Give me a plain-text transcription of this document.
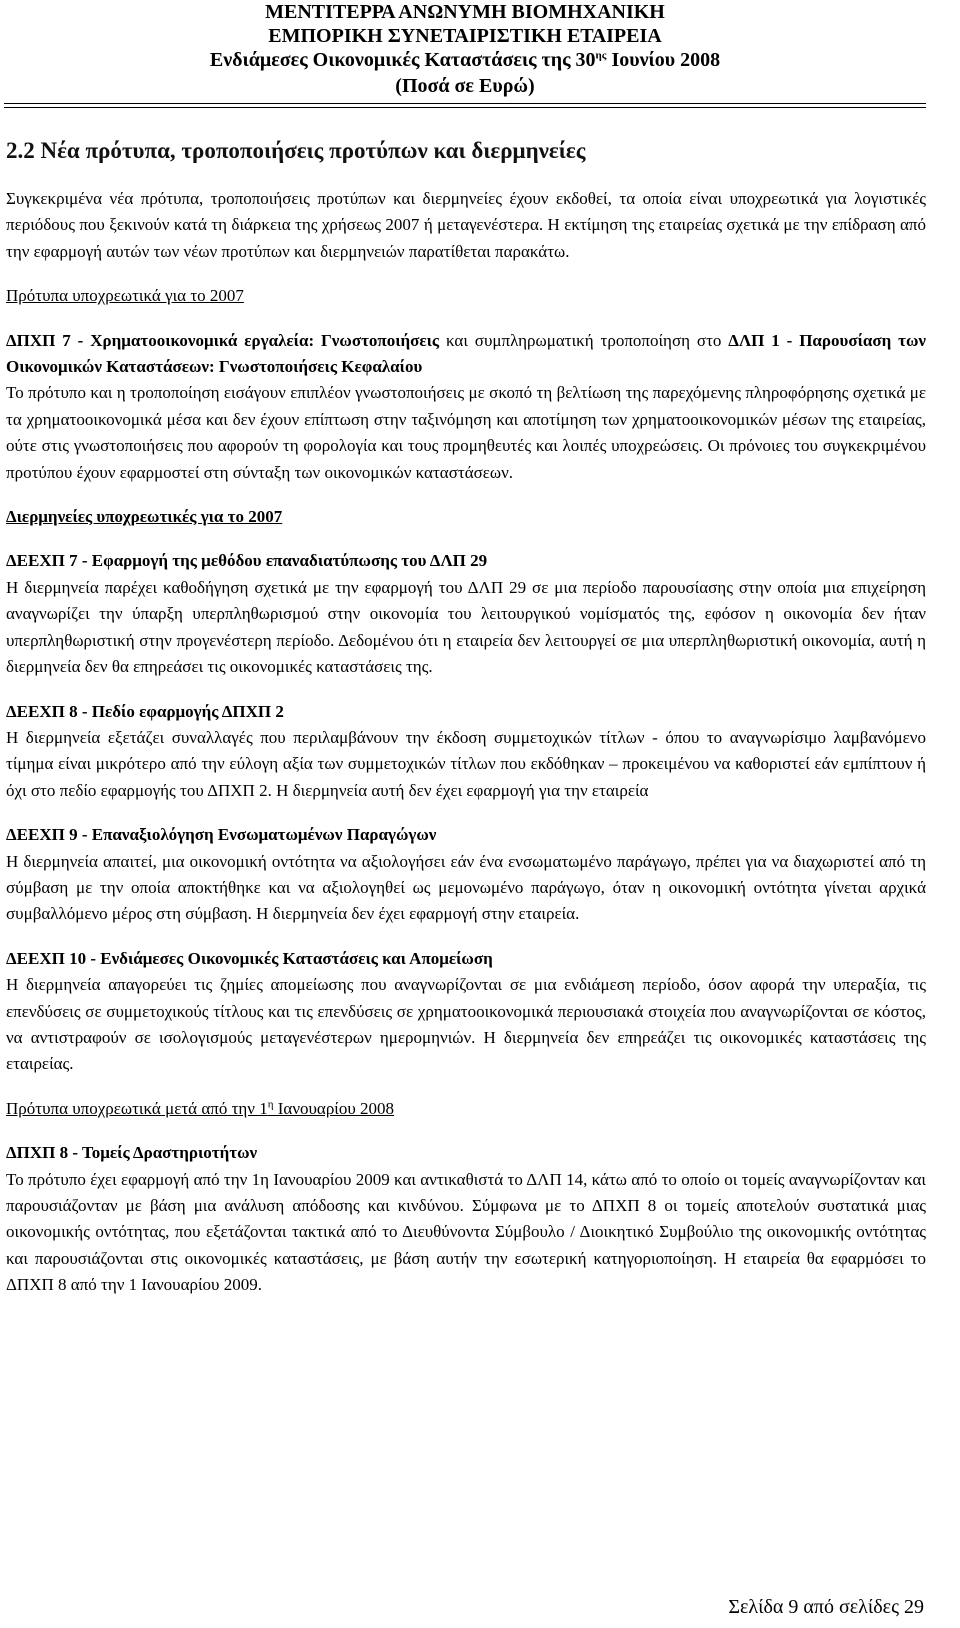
ΜΕΝΤΙΤΕΡΡΑ ΑΝΩΝΥΜΗ ΒΙΟΜΗΧΑΝΙΚΗ
ΕΜΠΟΡΙΚΗ ΣΥΝΕΤΑΙΡΙΣΤΙΚΗ ΕΤΑΙΡΕΙΑ
Ενδιάμεσες Οικονομικές Καταστάσεις της $30^{\eta\varsigma}$ Ιουνίου 2008
(Ποσά σε Ευρώ)
2.2 Νέα πρότυπα, τροποποιήσεις προτύπων και διερμηνείες

Συγκεκριμένα νέα πρότυπα, τροποποιήσεις προτύπων και διερμηνείες έχουν εκδοθεί, τα οποία είναι υποχρεωτικά για λογιστικές περιόδους που ξεκινούν κατά τη διάρκεια της χρήσεως 2007 ή μεταγενέστερα. Η εκτίμηση της εταιρείας σχετικά με την επίδραση από την εφαρμογή αυτών των νέων προτύπων και διερμηνειών παρατίθεται παρακάτω.

Πρότυπα υποχρεωτικά για το 2007

ΔΠΧΠ 7 - Χρηματοοικονομικά εργαλεία: Γνωστοποιήσεις και συμπληρωματική τροποποίηση στο ΔΛΠ 1 - Παρουσίαση των Οικονομικών Καταστάσεων: Γνωστοποιήσεις Κεφαλαίου

Το πρότυπο και η τροποποίηση εισάγουν επιπλέον γνωστοποιήσεις με σκοπό τη βελτίωση της παρεχόμενης πληροφόρησης σχετικά με τα χρηματοοικονομικά μέσα και δεν έχουν επίπτωση στην ταξινόμηση και αποτίμηση των χρηματοοικονομικών μέσων της εταιρείας, ούτε στις γνωστοποιήσεις που αφορούν τη φορολογία και τους προμηθευτές και λοιπές υποχρεώσεις. Οι πρόνοιες του συγκεκριμένου προτύπου έχουν εφαρμοστεί στη σύνταξη των οικονομικών καταστάσεων.

Διερμηνείες υποχρεωτικές για το 2007

ΔΕΕΧΠ 7 - Εφαρμογή της μεθόδου επαναδιατύπωσης του ΔΛΠ 29

Η διερμηνεία παρέχει καθοδήγηση σχετικά με την εφαρμογή του ΔΛΠ 29 σε μια περίοδο παρουσίασης στην οποία μια επιχείρηση αναγνωρίζει την ύπαρξη υπερπληθωρισμού στην οικονομία του λειτουργικού νομίσματός της, εφόσον η οικονομία δεν ήταν υπερπληθωριστική στην προγενέστερη περίοδο. Δεδομένου ότι η εταιρεία δεν λειτουργεί σε μια υπερπληθωριστική οικονομία, αυτή η διερμηνεία δεν θα επηρεάσει τις οικονομικές καταστάσεις της.

ΔΕΕΧΠ 8 - Πεδίο εφαρμογής ΔΠΧΠ 2

Η διερμηνεία εξετάζει συναλλαγές που περιλαμβάνουν την έκδοση συμμετοχικών τίτλων - όπου το αναγνωρίσιμο λαμβανόμενο τίμημα είναι μικρότερο από την εύλογη αξία των συμμετοχικών τίτλων που εκδόθηκαν – προκειμένου να καθοριστεί εάν εμπίπτουν ή όχι στο πεδίο εφαρμογής του ΔΠΧΠ 2. Η διερμηνεία αυτή δεν έχει εφαρμογή για την εταιρεία

ΔΕΕΧΠ 9 - Επαναξιολόγηση Ενσωματωμένων Παραγώγων

Η διερμηνεία απαιτεί, μια οικονομική οντότητα να αξιολογήσει εάν ένα ενσωματωμένο παράγωγο, πρέπει για να διαχωριστεί από τη σύμβαση με την οποία αποκτήθηκε και να αξιολογηθεί ως μεμονωμένο παράγωγο, όταν η οικονομική οντότητα γίνεται αρχικά συμβαλλόμενο μέρος στη σύμβαση. Η διερμηνεία δεν έχει εφαρμογή στην εταιρεία.

ΔΕΕΧΠ 10 - Ενδιάμεσες Οικονομικές Καταστάσεις και Απομείωση

Η διερμηνεία απαγορεύει τις ζημίες απομείωσης που αναγνωρίζονται σε μια ενδιάμεση περίοδο, όσον αφορά την υπεραξία, τις επενδύσεις σε συμμετοχικούς τίτλους και τις επενδύσεις σε χρηματοοικονομικά περιουσιακά στοιχεία που αναγνωρίζονται σε κόστος, να αντιστραφούν σε ισολογισμούς μεταγενέστερων ημερομηνιών. Η διερμηνεία δεν επηρεάζει τις οικονομικές καταστάσεις της εταιρείας.

Πρότυπα υποχρεωτικά μετά από την $1^\eta$ Ιανουαρίου 2008

ΔΠΧΠ 8 - Τομείς Δραστηριοτήτων

Το πρότυπο έχει εφαρμογή από την 1η Ιανουαρίου 2009 και αντικαθιστά το ΔΛΠ 14, κάτω από το οποίο οι τομείς αναγνωρίζονταν και παρουσιάζονταν με βάση μια ανάλυση απόδοσης και κινδύνου. Σύμφωνα με το ΔΠΧΠ 8 οι τομείς αποτελούν συστατικά μιας οικονομικής οντότητας, που εξετάζονται τακτικά από το Διευθύνοντα Σύμβουλο / Διοικητικό Συμβούλιο της οικονομικής οντότητας και παρουσιάζονται στις οικονομικές καταστάσεις, με βάση αυτήν την εσωτερική κατηγοριοποίηση. Η εταιρεία θα εφαρμόσει το ΔΠΧΠ 8 από την 1 Ιανουαρίου 2009.

Σελίδα 9 από σελίδες 29
